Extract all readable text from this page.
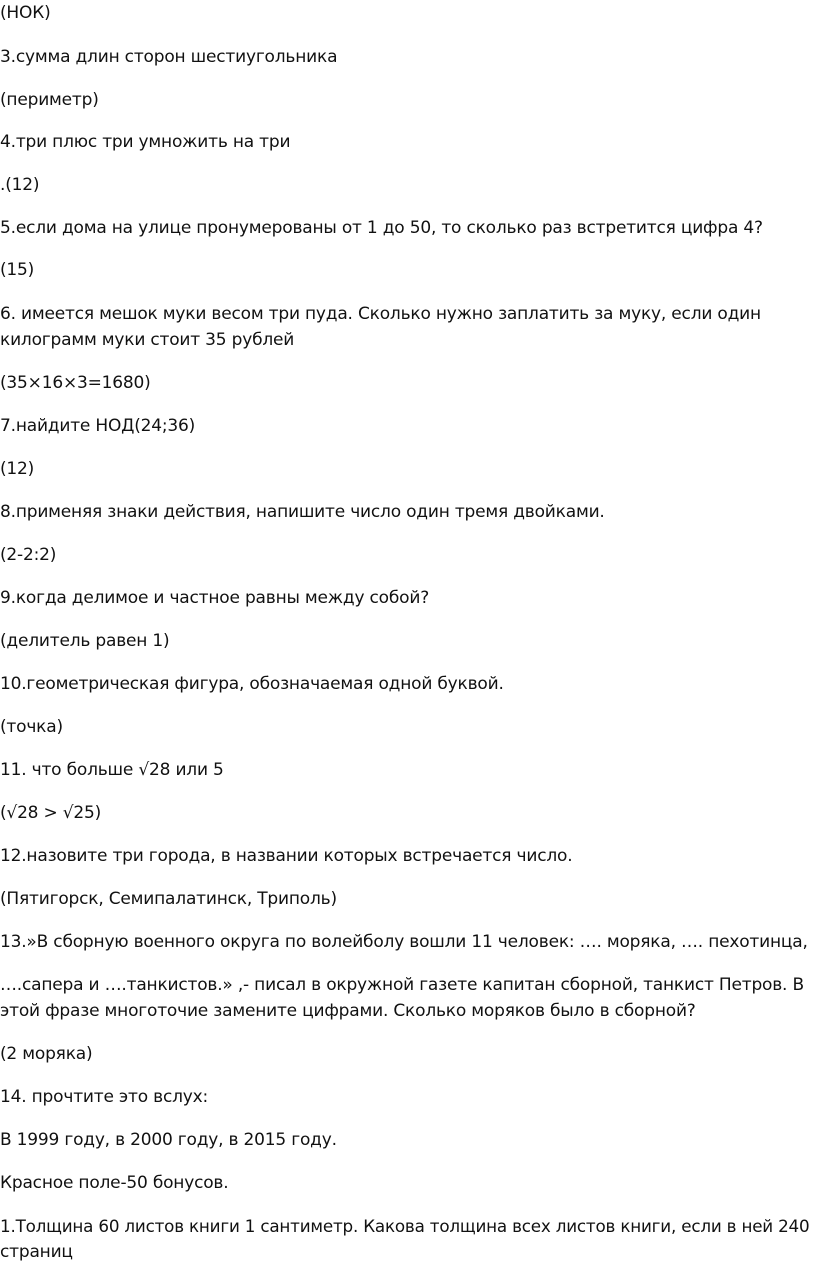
(НОК)
3.сумма длин сторон шестиугольника
(периметр)
4.три плюс три умножить на три
.(12)
5.если дома на улице пронумерованы от 1 до 50, то сколько раз встретится цифра 4?
(15)
6. имеется мешок муки весом три пуда. Сколько нужно заплатить за муку, если один
килограмм муки стоит 35 рублей
(35×16×3=1680)
7.найдите НОД(24;36)
(12)
8.применяя знаки действия, напишите число один тремя двойками.
(2-2:2)
9.когда делимое и частное равны между собой?
(делитель равен 1)
10.геометрическая фигура, обозначаемая одной буквой.
(точка)
11. что больше √28 или 5
(√28 > √25)
12.назовите три города, в названии которых встречается число.
(Пятигорск, Семипалатинск, Триполь)
13.»В сборную военного округа по волейболу вошли 11 человек: …. моряка, …. пехотинца,
….сапера и ….танкистов.» ,- писал в окружной газете капитан сборной, танкист Петров. В
этой фразе многоточие замените цифрами. Сколько моряков было в сборной?
(2 моряка)
14. прочтите это вслух:
В 1999 году, в 2000 году, в 2015 году.
Красное поле-50 бонусов.
1.Толщина 60 листов книги 1 сантиметр. Какова толщина всех листов книги, если в ней 240
страниц
